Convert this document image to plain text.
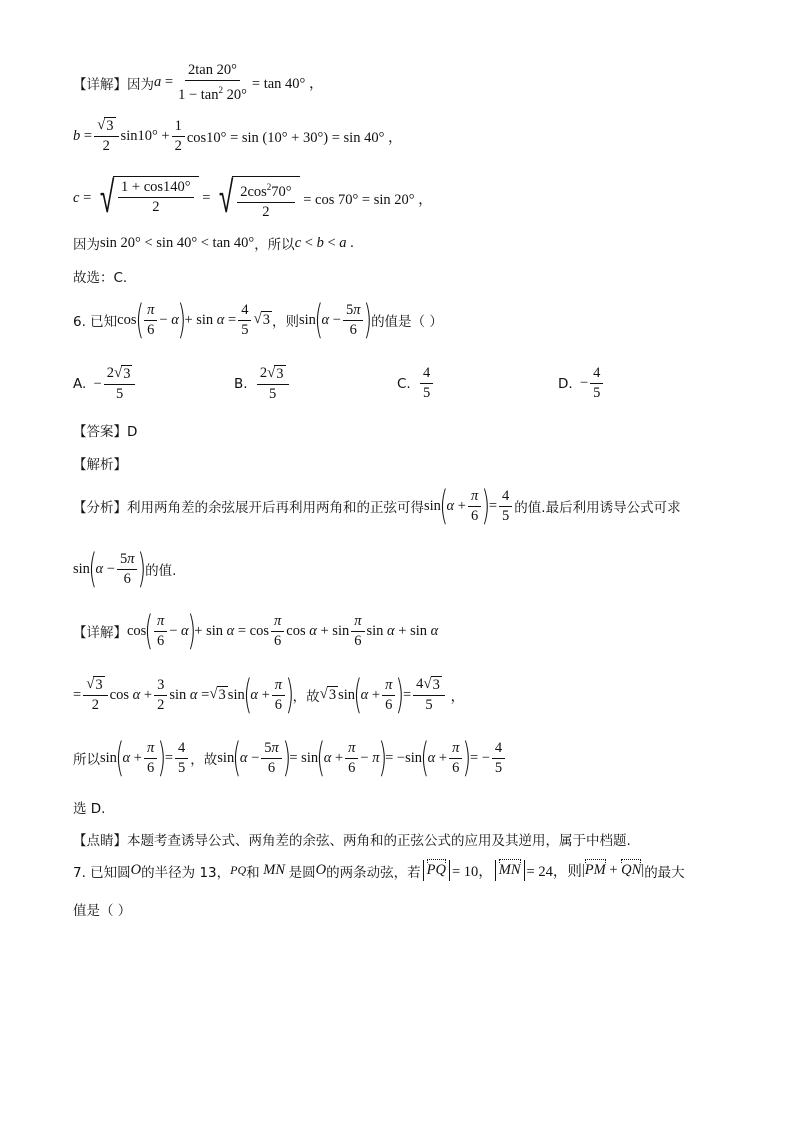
【详解】 因为 $a = \frac{2\tan 20^\circ}{1 - \tan^2 20^\circ} = \tan 40^\circ$ ，
$b = \frac{√ 3}{2} \sin 10^\circ + \frac{1}{2} \cos 10^\circ = \sin (10^\circ + 30^\circ) = \sin 40^\circ$ ，
c = √ $\frac{1 + \cos 140^\circ}{2}$ = √ $\frac{2\cos^270^\circ}{2} = \cos 70^\circ = \sin 20^\circ$ ，
因为 sin 20° < sin 40° < tan 40° ，所以 c < b < a .
故选：C.
6. 已知 cos
( $\frac{\pi}{6} - \alpha$
)
+ $\sin \alpha = \frac{4}{5}$ √ 3 ，则 sin
(
$\alpha - \frac{5\pi}{6}$ )
的值是（ ）
A. − $\frac{2 √ 3}{5}$	B.
$\frac{2 √ 3}{5}$	C.
$\frac{4}{5}$	D. − $\frac{4}{5}$
【答案】D
【解析】
【分析】 利用两角差的余弦展开后再利用两角和的正弦可得 sin
(
$\alpha + \frac{\pi}{6}$ )
= $\frac{4}{5}$ 的值.最后利用诱导公式可求
sin
(
$\alpha - \frac{5\pi}{6}$ )
的值.
【详解】 cos
( $\frac{\pi}{6} - \alpha$
)
+ $\sin \alpha = \cos \frac{\pi}{6}$ $\cos \alpha + \sin \frac{\pi}{6}$ sin α + sin α
= $\frac{√ 3}{2}$ $\cos \alpha + \frac{3}{2}$ sin α = √ 3 sin
(
$\alpha + \frac{\pi}{6}$ )
，故 √ 3 sin
(
$\alpha + \frac{\pi}{6}$ )
= $\frac{4 √ 3}{5}$ ，
所以 sin
(
$\alpha + \frac{\pi}{6}$ )
= $\frac{4}{5}$ ，故 sin
(
$\alpha - \frac{5\pi}{6}$ )
= sin
(
$\alpha + \frac{\pi}{6} - \pi$
)
= −sin
(
$\alpha + \frac{\pi}{6}$ )
= − $\frac{4}{5}$
选 D.
【点睛】 本题考查诱导公式、两角差的余弦、两角和的正弦公式的应用及其逆用，属于中档题.
7. 已知圆 O 的半径为 13， PQ 和 MN 是圆 O 的两条动弦，若 PQ = 10， MN = 24，则 |PM + QN| 的最大
值是（ ）
